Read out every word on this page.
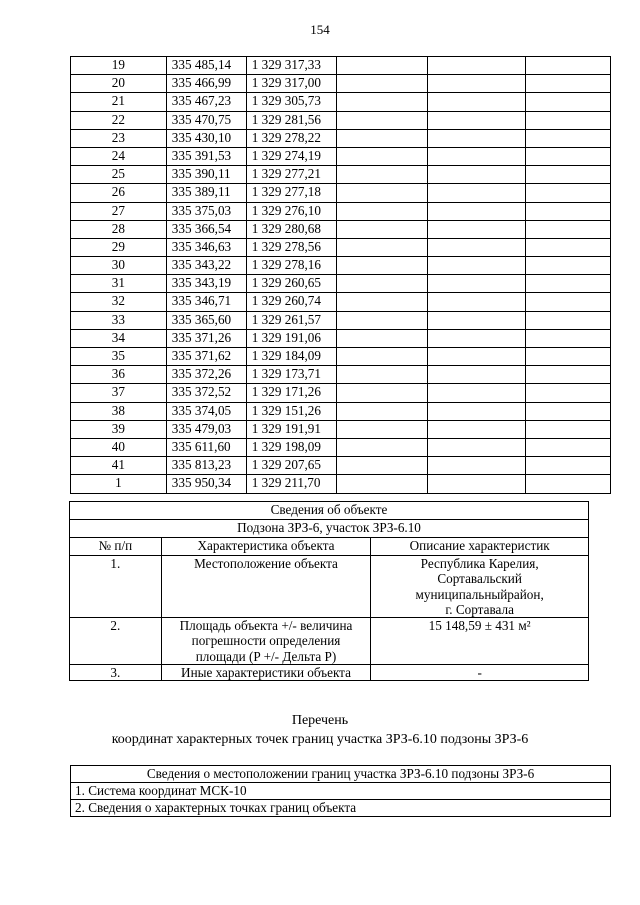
154
19	335 485,14	1 329 317,33			
20	335 466,99	1 329 317,00			
21	335 467,23	1 329 305,73			
22	335 470,75	1 329 281,56			
23	335 430,10	1 329 278,22			
24	335 391,53	1 329 274,19			
25	335 390,11	1 329 277,21			
26	335 389,11	1 329 277,18			
27	335 375,03	1 329 276,10			
28	335 366,54	1 329 280,68			
29	335 346,63	1 329 278,56			
30	335 343,22	1 329 278,16			
31	335 343,19	1 329 260,65			
32	335 346,71	1 329 260,74			
33	335 365,60	1 329 261,57			
34	335 371,26	1 329 191,06			
35	335 371,62	1 329 184,09			
36	335 372,26	1 329 173,71			
37	335 372,52	1 329 171,26			
38	335 374,05	1 329 151,26			
39	335 479,03	1 329 191,91			
40	335 611,60	1 329 198,09			
41	335 813,23	1 329 207,65			
1	335 950,34	1 329 211,70			
Сведения об объекте		
Подзона ЗРЗ-6, участок ЗРЗ-6.10		
№ п/п	Характеристика объекта	Описание характеристик
1.	Местоположение объекта	Республика Карелия,
Сортавальский
муниципальныйрайон,
г. Сортавала

2.	Площадь объекта +/- величина
погрешности определения
площади (P +/- Дельта P)	15 148,59 ± 431 м²

3.	Иные характеристики объекта	-
Перечень
координат характерных точек границ участка ЗРЗ-6.10 подзоны ЗРЗ-6
Сведения о местоположении границ участка ЗРЗ-6.10 подзоны ЗРЗ-6
1. Система координат МСК-10
2. Сведения о характерных точках границ объекта
